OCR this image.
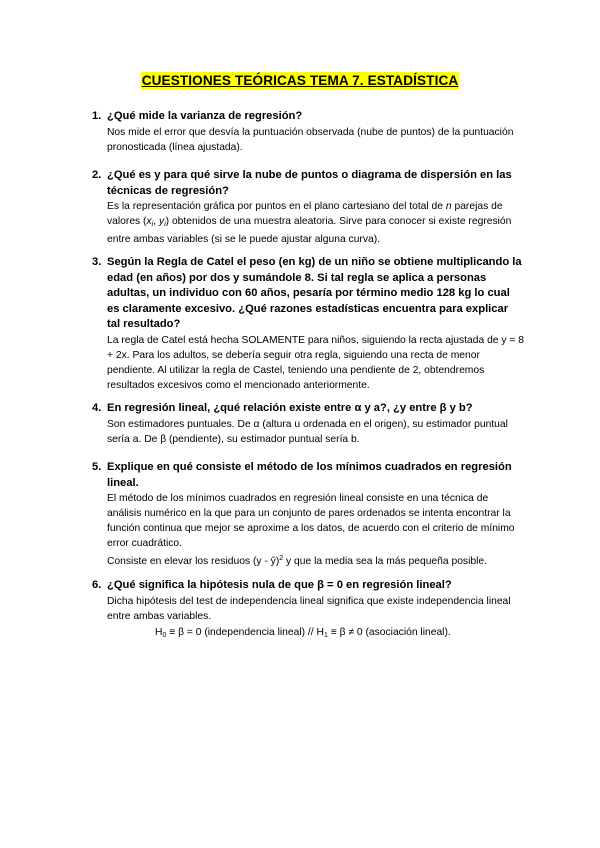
CUESTIONES TEÓRICAS TEMA 7. ESTADÍSTICA
1. ¿Qué mide la varianza de regresión?
Nos mide el error que desvía la puntuación observada (nube de puntos) de la puntuación pronosticada (línea ajustada).
2. ¿Qué es y para qué sirve la nube de puntos o diagrama de dispersión en las técnicas de regresión?
Es la representación gráfica por puntos en el plano cartesiano del total de n parejas de valores ($x_i$, $y_i$) obtenidos de una muestra aleatoria. Sirve para conocer si existe regresión entre ambas variables (si se le puede ajustar alguna curva).
3. Según la Regla de Catel el peso (en kg) de un niño se obtiene multiplicando la edad (en años) por dos y sumándole 8. Si tal regla se aplica a personas adultas, un individuo con 60 años, pesaría por término medio 128 kg lo cual es claramente excesivo. ¿Qué razones estadísticas encuentra para explicar tal resultado?
La regla de Catel está hecha SOLAMENTE para niños, siguiendo la recta ajustada de y = 8 + 2x. Para los adultos, se debería seguir otra regla, siguiendo una recta de menor pendiente. Al utilizar la regla de Castel, teniendo una pendiente de 2, obtendremos resultados excesivos como el mencionado anteriormente.
4. En regresión lineal, ¿qué relación existe entre α y a?, ¿y entre β y b?
Son estimadores puntuales. De α (altura u ordenada en el origen), su estimador puntual sería a. De β (pendiente), su estimador puntual sería b.
5. Explique en qué consiste el método de los mínimos cuadrados en regresión lineal.

El método de los mínimos cuadrados en regresión lineal consiste en una técnica de análisis numérico en la que para un conjunto de pares ordenados se intenta encontrar la función continua que mejor se aproxime a los datos, de acuerdo con el criterio de mínimo error cuadrático.

Consiste en elevar los residuos (y - ŷ)$^2$ y que la media sea la más pequeña posible.

6. ¿Qué significa la hipótesis nula de que β = 0 en regresión lineal?
Dicha hipótesis del test de independencia lineal significa que existe independencia lineal entre ambas variables.
$H_0 \equiv \beta = 0$ (independencia lineal) // $H_1 \equiv \beta \ne 0$ (asociación lineal).
